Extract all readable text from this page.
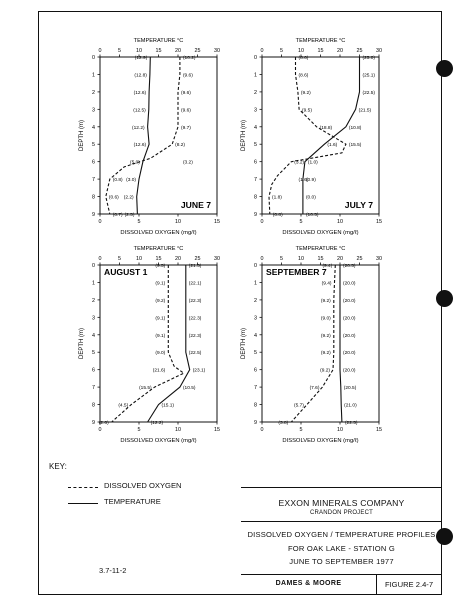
TEMPERATURE °C
0	5	10	15	20	25	30
0	5	10	15
DISSOLVED OXYGEN (mg/ℓ)
0
1
2
3
4
5
6
7
8
9
DEPTH (m)
(10.2)
(9.6)
(9.6)
(9.6)
(9.7)
(8.2)
(3.2)
(0.8)
(0.6)
(0.7)
(12.9)
(12.8)
(12.6)
(12.5)
(12.2)
(12.6)
(5.0)
(3.0)
(2.2)
(2.5)
JUNE 7
TEMPERATURE °C
0	5	10	15	20	25	30
0	5	10	15
DISSOLVED OXYGEN (mg/ℓ)
0
1
2
3
4
5
6
7
8
9
DEPTH (m)
(25.0)
(25.1)
(22.5)
(21.5)
(10.8)
(1.6)
(1.0)
(0.9)
(0.0)
(10.5)
(8.6)
(8.6)
(9.2)
(9.5)
(18.8)
(15.5)
(3.2)
(1.6)
(1.8)
(0.8)
JULY 7
TEMPERATURE °C
0	5	10	15	20	25	30
0	5	10	15
DISSOLVED OXYGEN (mg/ℓ)
0
1
2
3
4
5
6
7
8
9
DEPTH (m)
(21.5)
(22.1)
(22.3)
(22.3)
(22.3)
(22.5)
(23.1)
(10.5)
(15.1)
(12.2)
(9.5)
(9.1)
(9.2)
(9.1)
(9.1)
(9.0)
(21.6)
(15.5)
(4.5)
(2.6)
AUGUST 1
TEMPERATURE °C
0	5	10	15	20	25	30
0	5	10	15
DISSOLVED OXYGEN (mg/ℓ)
0
1
2
3
4
5
6
7
8
9
DEPTH (m)
(20.5)
(20.0)
(20.0)
(20.0)
(20.0)
(20.0)
(20.0)
(20.5)
(21.0)
(22.5)
(9.4)
(9.4)
(9.2)
(9.0)
(9.2)
(9.2)
(9.2)
(7.6)
(5.7)
(3.8)
SEPTEMBER 7
KEY:
DISSOLVED OXYGEN
TEMPERATURE
3.7-11-2
EXXON MINERALS COMPANY
CRANDON PROJECT
DISSOLVED OXYGEN / TEMPERATURE PROFILES
FOR OAK LAKE - STATION G
JUNE TO SEPTEMBER 1977
DAMES & MOORE	FIGURE 2.4-7
